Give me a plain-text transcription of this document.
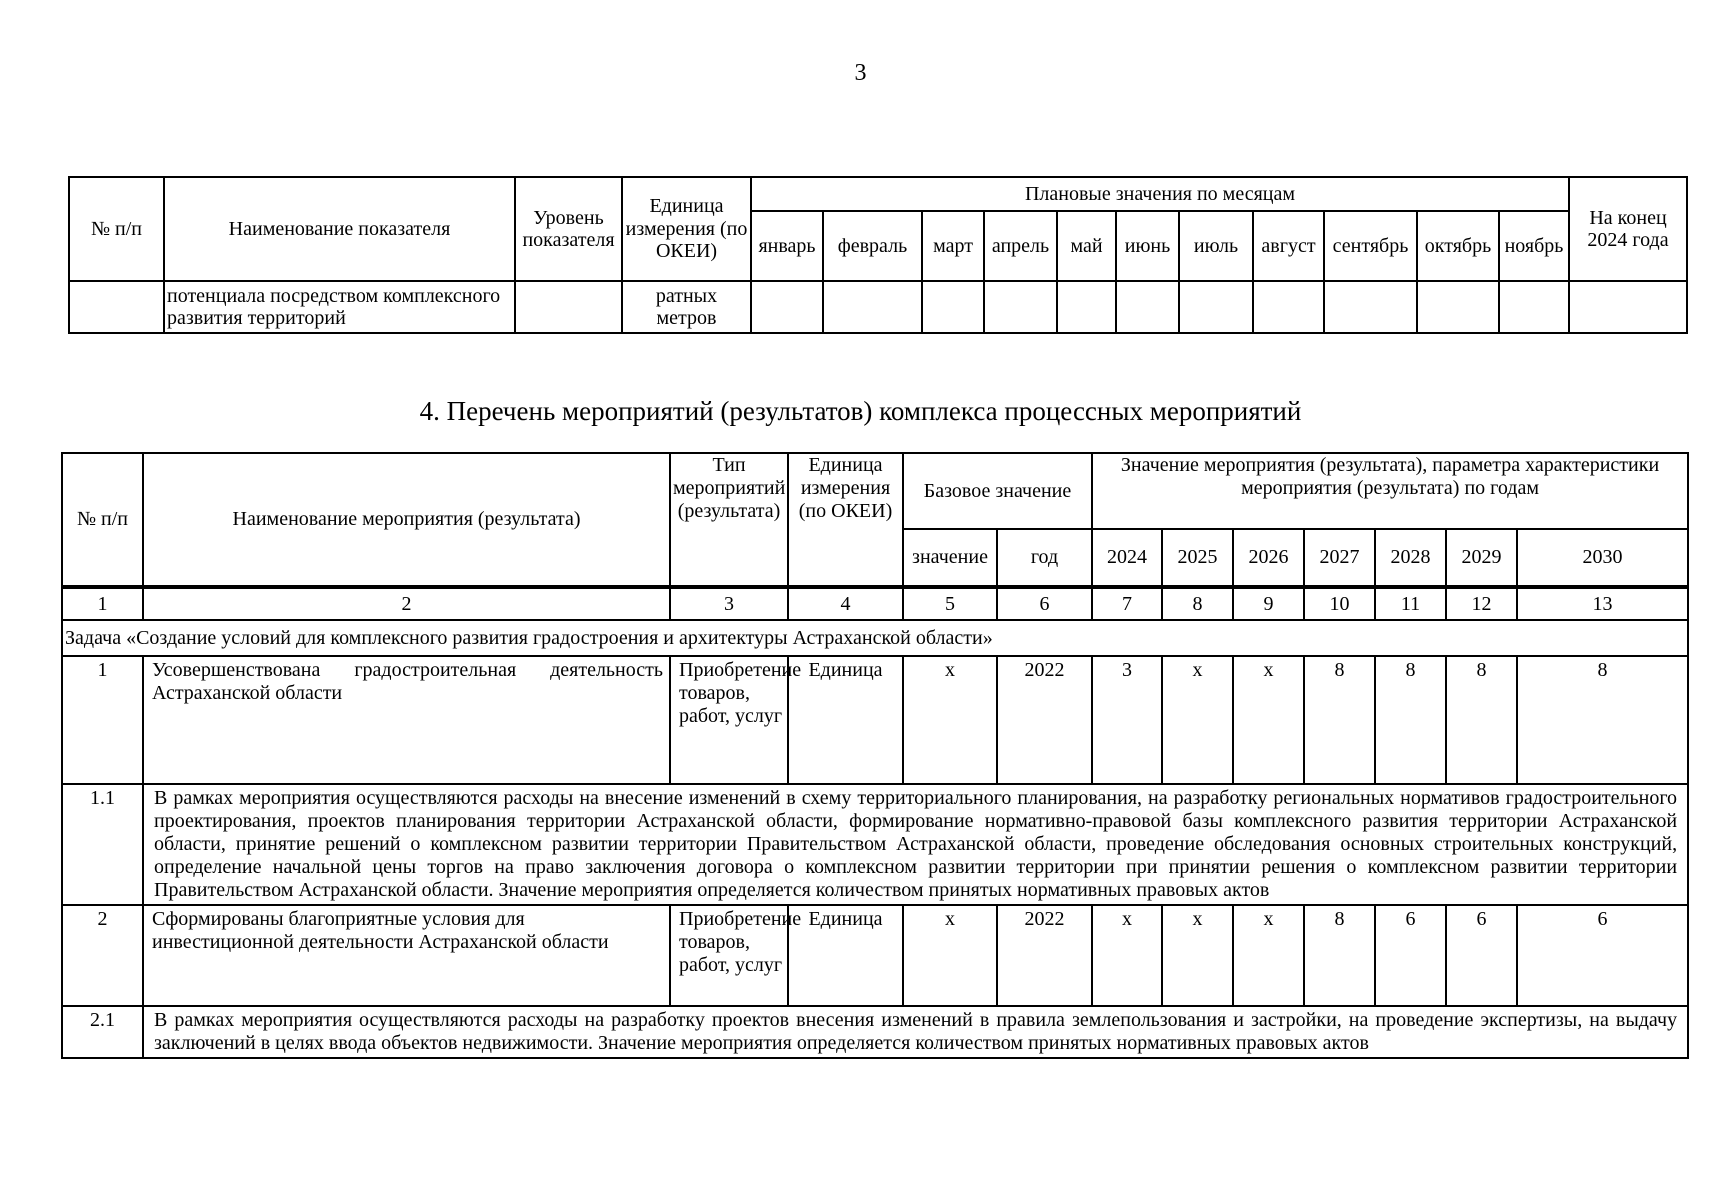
3
№ п/п	Наименование показателя	Уровень показателя	Единица измерения (по ОКЕИ)	Плановые значения по месяцам											На конец 2024 года
				январь	февраль	март	апрель	май	июнь	июль	август	сентябрь	октябрь	ноябрь	
	потенциала посредством комплексного развития территорий		ратных метров												
4. Перечень мероприятий (результатов) комплекса процессных мероприятий
№ п/п	Наименование мероприятия (результата)	Тип мероприятий (результата)	Единица измерения (по ОКЕИ)	Базовое значение		Значение мероприятия (результата), параметра характеристики мероприятия (результата) по годам						
				значение	год	2024	2025	2026	2027	2028	2029	2030
1	2	3	4	5	6	7	8	9	10	11	12	13
Задача «Создание условий для комплексного развития градостроения и архитектуры Астраханской области»												
1	Усовершенствована градостроительная деятельность Астраханской области	Приобретение товаров, работ, услуг	Единица	х	2022	3	х	х	8	8	8	8
1.1	В рамках мероприятия осуществляются расходы на внесение изменений в схему территориального планирования, на разработку региональных нормативов градостроительного проектирования, проектов планирования территории Астраханской области, формирование нормативно-правовой базы комплексного развития территории Астраханской области, принятие решений о комплексном развитии территории Правительством Астраханской области, проведение обследования основных строительных конструкций, определение начальной цены торгов на право заключения договора о комплексном развитии территории при принятии решения о комплексном развитии территории Правительством Астраханской области. Значение мероприятия определяется количеством принятых нормативных правовых актов											
2	Сформированы благоприятные условия для инвестиционной деятельности Астраханской области	Приобретение товаров, работ, услуг	Единица	х	2022	х	х	х	8	6	6	6
2.1	В рамках мероприятия осуществляются расходы на разработку проектов внесения изменений в правила землепользования и застройки, на проведение экспертизы, на выдачу заключений в целях ввода объектов недвижимости. Значение мероприятия определяется количеством принятых нормативных правовых актов											
